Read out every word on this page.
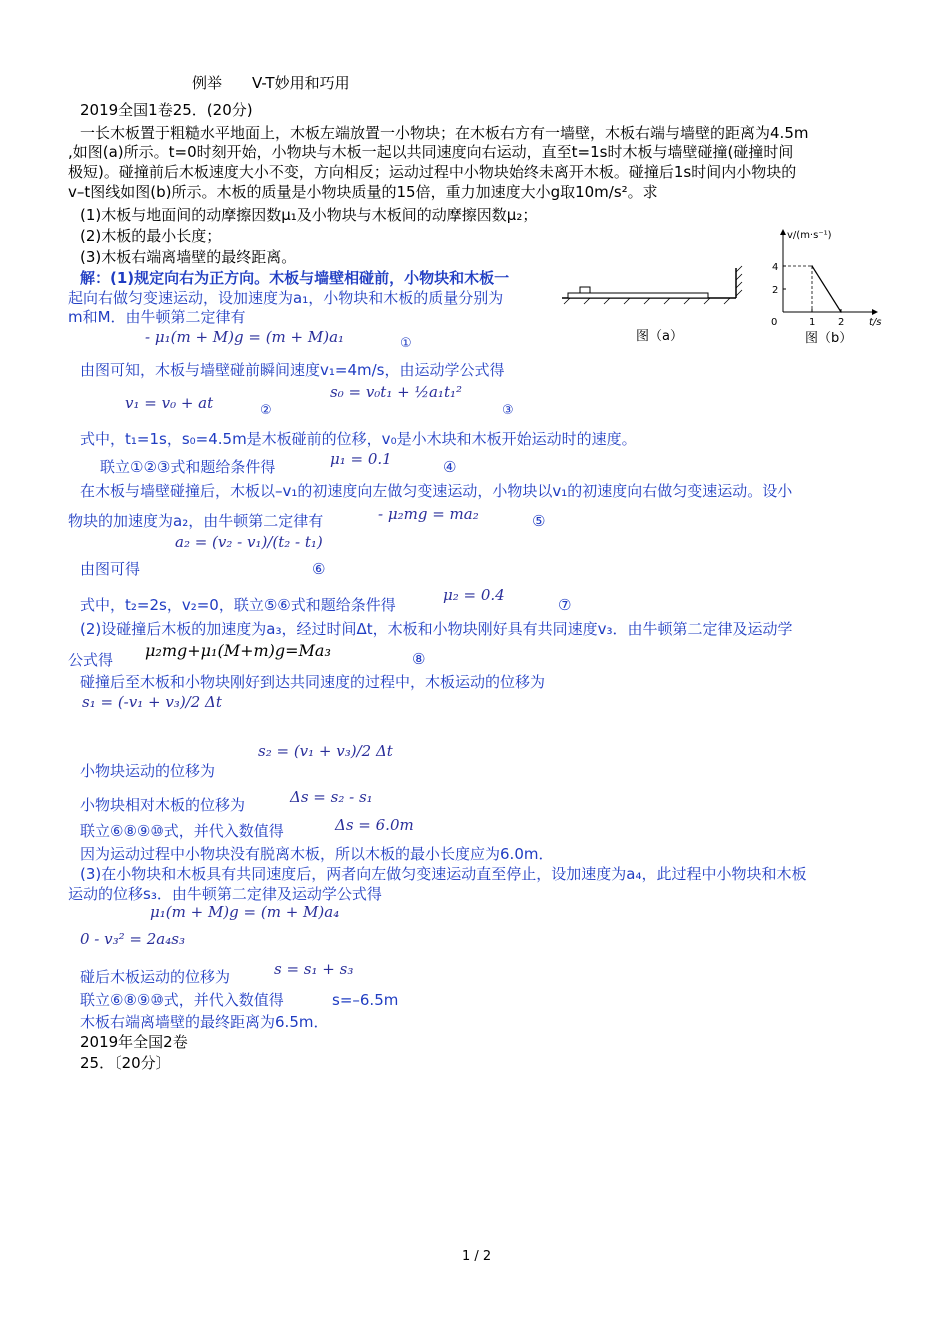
例举　　V-T妙用和巧用
2019全国1卷25．(20分)
一长木板置于粗糙水平地面上，木板左端放置一小物块；在木板右方有一墙壁，木板右端与墙壁的距离为4.5m
,如图(a)所示。t=0时刻开始，小物块与木板一起以共同速度向右运动，直至t=1s时木板与墙壁碰撞(碰撞时间
极短)。碰撞前后木板速度大小不变，方向相反；运动过程中小物块始终未离开木板。碰撞后1s时间内小物块的
v–t图线如图(b)所示。木板的质量是小物块质量的15倍，重力加速度大小g取10m/s²。求
(1)木板与地面间的动摩擦因数μ₁及小物块与木板间的动摩擦因数μ₂；
(2)木板的最小长度；
(3)木板右端离墙壁的最终距离。
图（a）
v/(m·s⁻¹)
t/s
0	1 2
2
4
图（b）
解：(1)规定向右为正方向。木板与墙壁相碰前，小物块和木板一
起向右做匀变速运动，设加速度为a₁，小物块和木板的质量分别为
m和M．由牛顿第二定律有
- μ₁(m + M)g = (m + M)a₁	①
由图可知，木板与墙壁碰前瞬间速度v₁=4m/s，由运动学公式得
s₀ = v₀t₁ + ½a₁t₁²
v₁ = v₀ + at	②	③
式中，t₁=1s，s₀=4.5m是木板碰前的位移，v₀是小木块和木板开始运动时的速度。
联立①②③式和题给条件得	μ₁ = 0.1	④
在木板与墙壁碰撞后，木板以–v₁的初速度向左做匀变速运动，小物块以v₁的初速度向右做匀变速运动。设小
物块的加速度为a₂，由牛顿第二定律有	- μ₂mg = ma₂	⑤
a₂ = (v₂ - v₁)/(t₂ - t₁)
由图可得	⑥
式中，t₂=2s，v₂=0，联立⑤⑥式和题给条件得
μ₂ = 0.4
⑦
(2)设碰撞后木板的加速度为a₃，经过时间Δt，木板和小物块刚好具有共同速度v₃．由牛顿第二定律及运动学
公式得 μ₂mg+μ₁(M+m)g=Ma₃	⑧
碰撞后至木板和小物块刚好到达共同速度的过程中，木板运动的位移为
s₁ = (-v₁ + v₃)/2 Δt
s₂ = (v₁ + v₃)/2 Δt
小物块运动的位移为
小物块相对木板的位移为	Δs = s₂ - s₁
联立⑥⑧⑨⑩式，并代入数值得	Δs = 6.0m
因为运动过程中小物块没有脱离木板，所以木板的最小长度应为6.0m．
(3)在小物块和木板具有共同速度后，两者向左做匀变速运动直至停止，设加速度为a₄，此过程中小物块和木板
运动的位移s₃．由牛顿第二定律及运动学公式得
μ₁(m + M)g = (m + M)a₄
0 - v₃² = 2a₄s₃
s = s₁ + s₃
碰后木板运动的位移为
联立⑥⑧⑨⑩式，并代入数值得	s=–6.5m
木板右端离墙壁的最终距离为6.5m．
2019年全国2卷
25．〔20分〕
1 / 2
